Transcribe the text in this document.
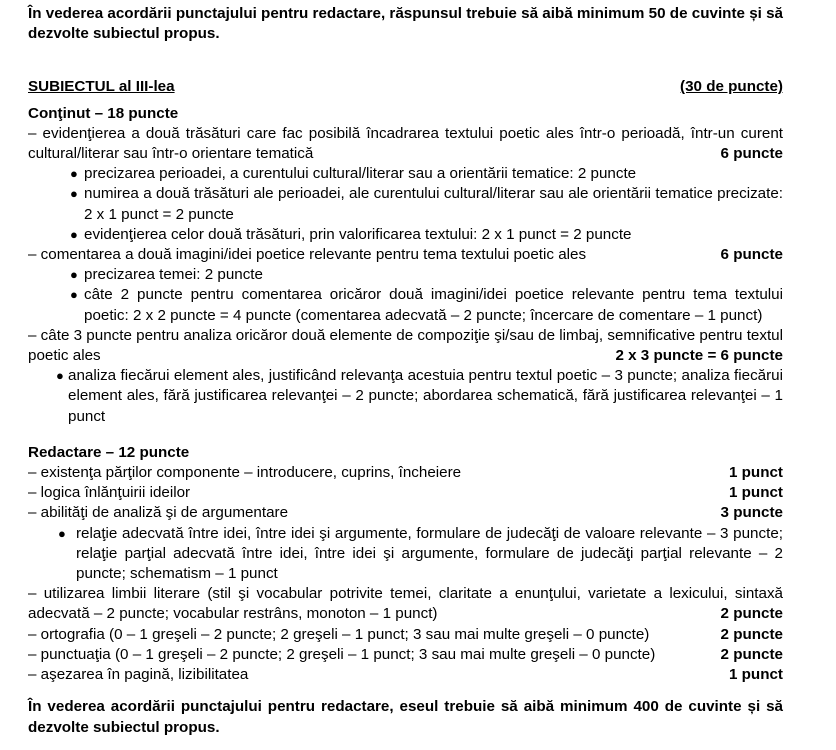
În vederea acordării punctajului pentru redactare, răspunsul trebuie să aibă minimum 50 de cuvinte și să dezvolte subiectul propus.

SUBIECTUL al III-lea	(30 de puncte)
Conţinut – 18 puncte

– evidenţierea a două trăsături care fac posibilă încadrarea textului poetic ales într-o perioadă, într-un curent cultural/literar sau într-o orientare tematică	6 puncte

● precizarea perioadei, a curentului cultural/literar sau a orientării tematice: 2 puncte

● numirea a două trăsături ale perioadei, ale curentului cultural/literar sau ale orientării tematice precizate: 2 x 1 punct = 2 puncte

● evidenţierea celor două trăsături, prin valorificarea textului: 2 x 1 punct = 2 puncte

– comentarea a două imagini/idei poetice relevante pentru tema textului poetic ales	6 puncte

● precizarea temei: 2 puncte

● câte 2 puncte pentru comentarea oricăror două imagini/idei poetice relevante pentru tema textului poetic: 2 x 2 puncte = 4 puncte (comentarea adecvată – 2 puncte; încercare de comentare – 1 punct)

– câte 3 puncte pentru analiza oricăror două elemente de compoziţie şi/sau de limbaj, semnificative pentru textul poetic ales	2 x 3 puncte = 6 puncte

● analiza fiecărui element ales, justificând relevanţa acestuia pentru textul poetic – 3 puncte; analiza fiecărui element ales, fără justificarea relevanţei – 2 puncte; abordarea schematică, fără justificarea relevanţei – 1 punct

Redactare – 12 puncte
– existenţa părţilor componente – introducere, cuprins, încheiere	1 punct
– logica înlănţuirii ideilor	1 punct
– abilităţi de analiză şi de argumentare	3 puncte

● relaţie adecvată între idei, între idei şi argumente, formulare de judecăţi de valoare relevante – 3 puncte; relaţie parţial adecvată între idei, între idei şi argumente, formulare de judecăţi parţial relevante – 2 puncte; schematism – 1 punct

– utilizarea limbii literare (stil şi vocabular potrivite temei, claritate a enunţului, varietate a lexicului, sintaxă adecvată – 2 puncte; vocabular restrâns, monoton – 1 punct)	2 puncte
– ortografia (0 – 1 greşeli – 2 puncte; 2 greşeli – 1 punct; 3 sau mai multe greşeli – 0 puncte)	2 puncte
– punctuaţia (0 – 1 greşeli – 2 puncte; 2 greşeli – 1 punct; 3 sau mai multe greşeli – 0 puncte)	2 puncte
– aşezarea în pagină, lizibilitatea	1 punct

În vederea acordării punctajului pentru redactare, eseul trebuie să aibă minimum 400 de cuvinte și să dezvolte subiectul propus.
